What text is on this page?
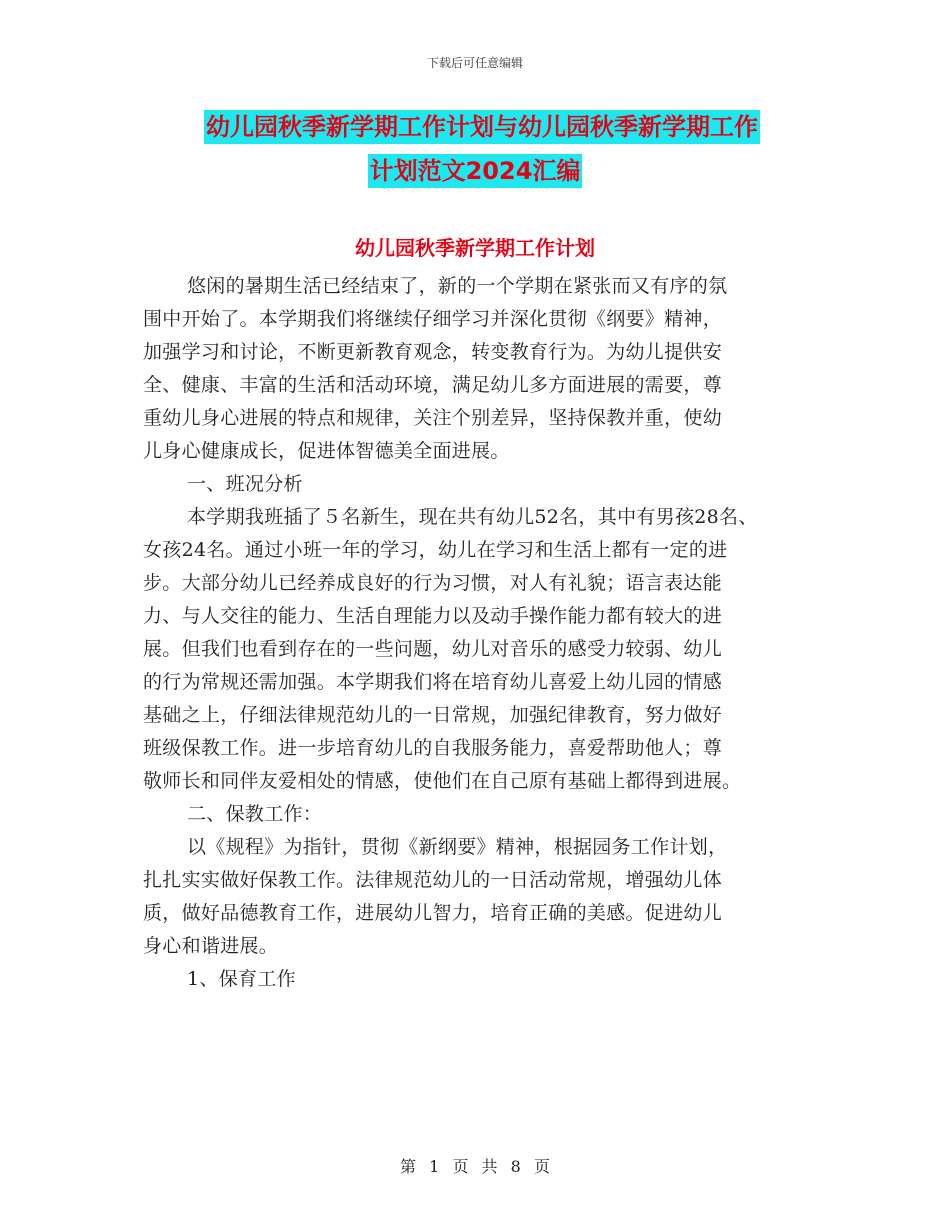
下载后可任意编辑
幼儿园秋季新学期工作计划与幼儿园秋季新学期工作
计划范文2024汇编
幼儿园秋季新学期工作计划
悠闲的暑期生活已经结束了，新的一个学期在紧张而又有序的氛
围中开始了。本学期我们将继续仔细学习并深化贯彻《纲要》精神，
加强学习和讨论，不断更新教育观念，转变教育行为。为幼儿提供安
全、健康、丰富的生活和活动环境，满足幼儿多方面进展的需要，尊
重幼儿身心进展的特点和规律，关注个别差异，坚持保教并重，使幼
儿身心健康成长，促进体智德美全面进展。
一、班况分析
本学期我班插了５名新生，现在共有幼儿52名，其中有男孩28名、
女孩24名。通过小班一年的学习，幼儿在学习和生活上都有一定的进
步。大部分幼儿已经养成良好的行为习惯，对人有礼貌；语言表达能
力、与人交往的能力、生活自理能力以及动手操作能力都有较大的进
展。但我们也看到存在的一些问题，幼儿对音乐的感受力较弱、幼儿
的行为常规还需加强。本学期我们将在培育幼儿喜爱上幼儿园的情感
基础之上，仔细法律规范幼儿的一日常规，加强纪律教育，努力做好
班级保教工作。进一步培育幼儿的自我服务能力，喜爱帮助他人；尊
敬师长和同伴友爱相处的情感，使他们在自己原有基础上都得到进展。
二、保教工作：
以《规程》为指针，贯彻《新纲要》精神，根据园务工作计划，
扎扎实实做好保教工作。法律规范幼儿的一日活动常规，增强幼儿体
质，做好品德教育工作，进展幼儿智力，培育正确的美感。促进幼儿
身心和谐进展。
1、保育工作
第 1 页 共 8 页
